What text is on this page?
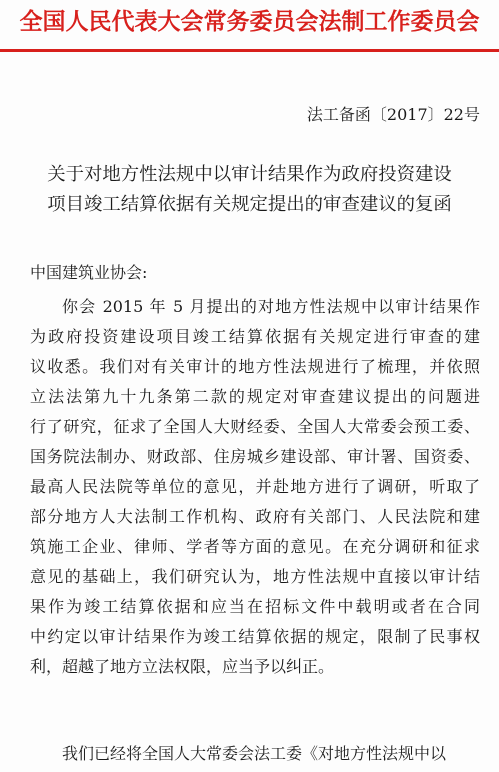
全国人民代表大会常务委员会法制工作委员会
法工备函〔2017〕22号
关于对地方性法规中以审计结果作为政府投资建设
项目竣工结算依据有关规定提出的审查建议的复函
中国建筑业协会:
你会 2015 年 5 月提出的对地方性法规中以审计结果作
为政府投资建设项目竣工结算依据有关规定进行审查的建
议收悉。我们对有关审计的地方性法规进行了梳理，并依照
立法法第九十九条第二款的规定对审查建议提出的问题进
行了研究，征求了全国人大财经委、全国人大常委会预工委、
国务院法制办、财政部、住房城乡建设部、审计署、国资委、
最高人民法院等单位的意见，并赴地方进行了调研，听取了
部分地方人大法制工作机构、政府有关部门、人民法院和建
筑施工企业、律师、学者等方面的意见。在充分调研和征求
意见的基础上，我们研究认为，地方性法规中直接以审计结
果作为竣工结算依据和应当在招标文件中载明或者在合同
中约定以审计结果作为竣工结算依据的规定，限制了民事权
利，超越了地方立法权限，应当予以纠正。
我们已经将全国人大常委会法工委《对地方性法规中以
